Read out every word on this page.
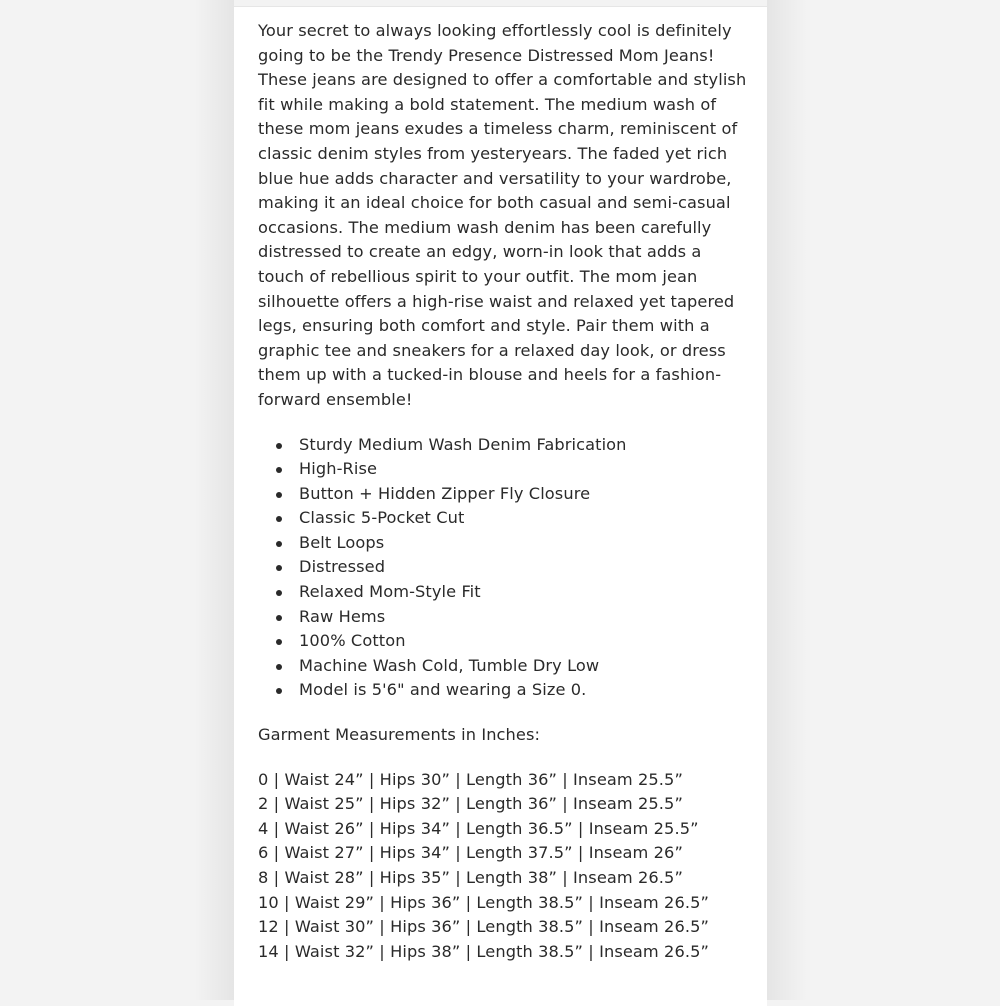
Your secret to always looking effortlessly cool is definitely going to be the Trendy Presence Distressed Mom Jeans! These jeans are designed to offer a comfortable and stylish fit while making a bold statement. The medium wash of these mom jeans exudes a timeless charm, reminiscent of classic denim styles from yesteryears. The faded yet rich blue hue adds character and versatility to your wardrobe, making it an ideal choice for both casual and semi-casual occasions. The medium wash denim has been carefully distressed to create an edgy, worn-in look that adds a touch of rebellious spirit to your outfit. The mom jean silhouette offers a high-rise waist and relaxed yet tapered legs, ensuring both comfort and style. Pair them with a graphic tee and sneakers for a relaxed day look, or dress them up with a tucked-in blouse and heels for a fashion-forward ensemble!

Sturdy Medium Wash Denim Fabrication
High-Rise
Button + Hidden Zipper Fly Closure
Classic 5-Pocket Cut
Belt Loops
Distressed
Relaxed Mom-Style Fit
Raw Hems
100% Cotton
Machine Wash Cold, Tumble Dry Low
Model is 5'6" and wearing a Size 0.

Garment Measurements in Inches:

0 | Waist 24” | Hips 30” | Length 36” | Inseam 25.5”
2 | Waist 25” | Hips 32” | Length 36” | Inseam 25.5”
4 | Waist 26” | Hips 34” | Length 36.5” | Inseam 25.5”
6 | Waist 27” | Hips 34” | Length 37.5” | Inseam 26”
8 | Waist 28” | Hips 35” | Length 38” | Inseam 26.5”
10 | Waist 29” | Hips 36” | Length 38.5” | Inseam 26.5”
12 | Waist 30” | Hips 36” | Length 38.5” | Inseam 26.5”
14 | Waist 32” | Hips 38” | Length 38.5” | Inseam 26.5”
